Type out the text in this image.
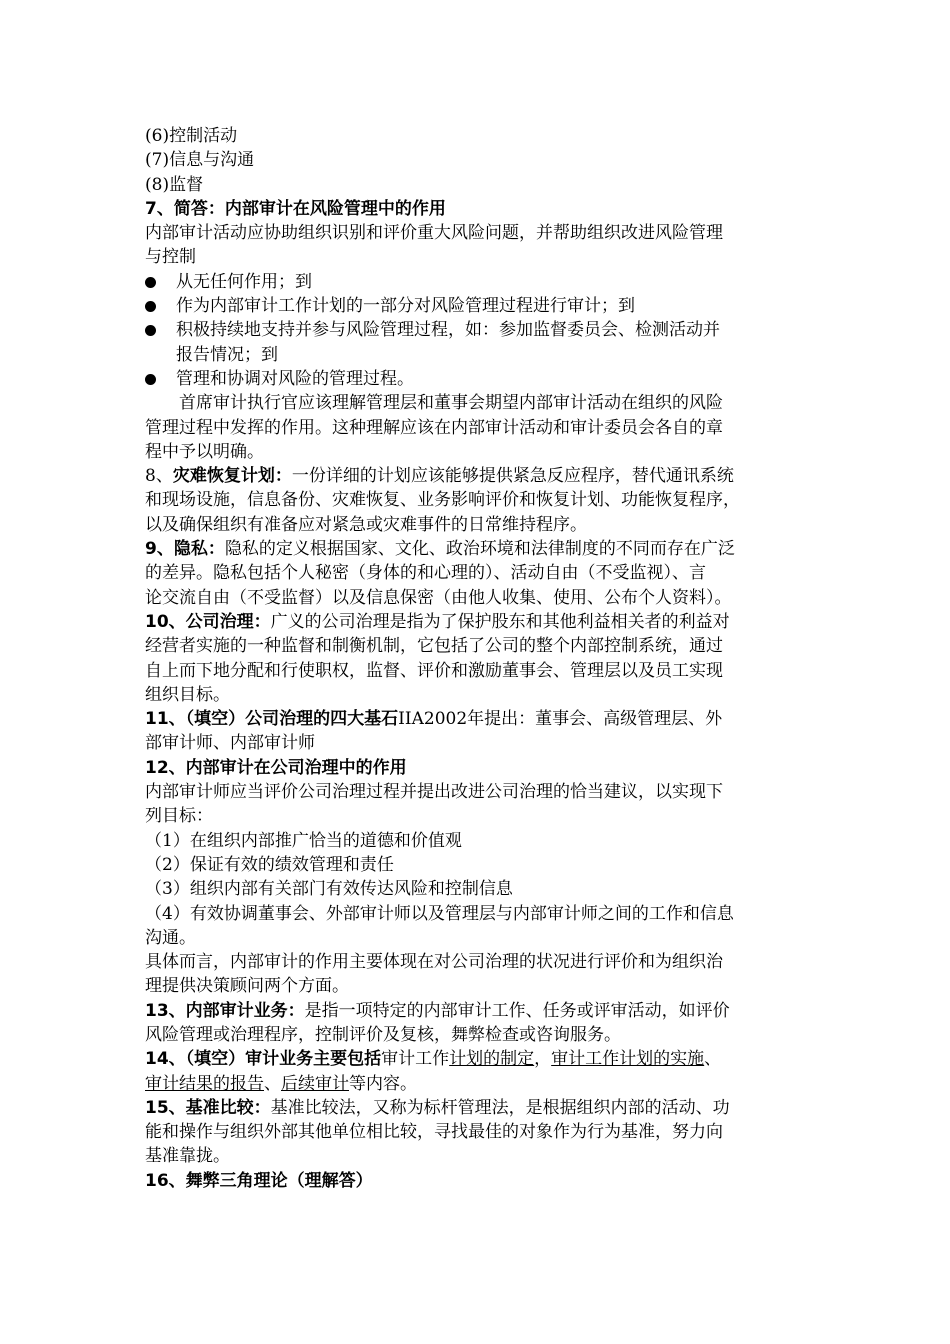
(6)控制活动
(7)信息与沟通
(8)监督
7、简答：内部审计在风险管理中的作用
内部审计活动应协助组织识别和评价重大风险问题，并帮助组织改进风险管理
与控制
从无任何作用；到
作为内部审计工作计划的一部分对风险管理过程进行审计；到
积极持续地支持并参与风险管理过程，如：参加监督委员会、检测活动并
报告情况；到
管理和协调对风险的管理过程。
首席审计执行官应该理解管理层和董事会期望内部审计活动在组织的风险
管理过程中发挥的作用。这种理解应该在内部审计活动和审计委员会各自的章
程中予以明确。
8、灾难恢复计划：一份详细的计划应该能够提供紧急反应程序，替代通讯系统
和现场设施，信息备份、灾难恢复、业务影响评价和恢复计划、功能恢复程序，
以及确保组织有准备应对紧急或灾难事件的日常维持程序。
9、隐私：隐私的定义根据国家、文化、政治环境和法律制度的不同而存在广泛
的差异。隐私包括个人秘密（身体的和心理的）、活动自由（不受监视）、言
论交流自由（不受监督）以及信息保密（由他人收集、使用、公布个人资料）。
10、公司治理：广义的公司治理是指为了保护股东和其他利益相关者的利益对
经营者实施的一种监督和制衡机制，它包括了公司的整个内部控制系统，通过
自上而下地分配和行使职权，监督、评价和激励董事会、管理层以及员工实现
组织目标。
11、（填空）公司治理的四大基石IIA2002年提出：董事会、高级管理层、外
部审计师、内部审计师
12、内部审计在公司治理中的作用
内部审计师应当评价公司治理过程并提出改进公司治理的恰当建议，以实现下
列目标：
（1）在组织内部推广恰当的道德和价值观
（2）保证有效的绩效管理和责任
（3）组织内部有关部门有效传达风险和控制信息
（4）有效协调董事会、外部审计师以及管理层与内部审计师之间的工作和信息
沟通。
具体而言，内部审计的作用主要体现在对公司治理的状况进行评价和为组织治
理提供决策顾问两个方面。
13、内部审计业务：是指一项特定的内部审计工作、任务或评审活动，如评价
风险管理或治理程序，控制评价及复核，舞弊检查或咨询服务。
14、（填空）审计业务主要包括审计工作计划的制定，审计工作计划的实施、
审计结果的报告、后续审计等内容。
15、基准比较：基准比较法，又称为标杆管理法，是根据组织内部的活动、功
能和操作与组织外部其他单位相比较，寻找最佳的对象作为行为基准，努力向
基准靠拢。
16、舞弊三角理论（理解答）
